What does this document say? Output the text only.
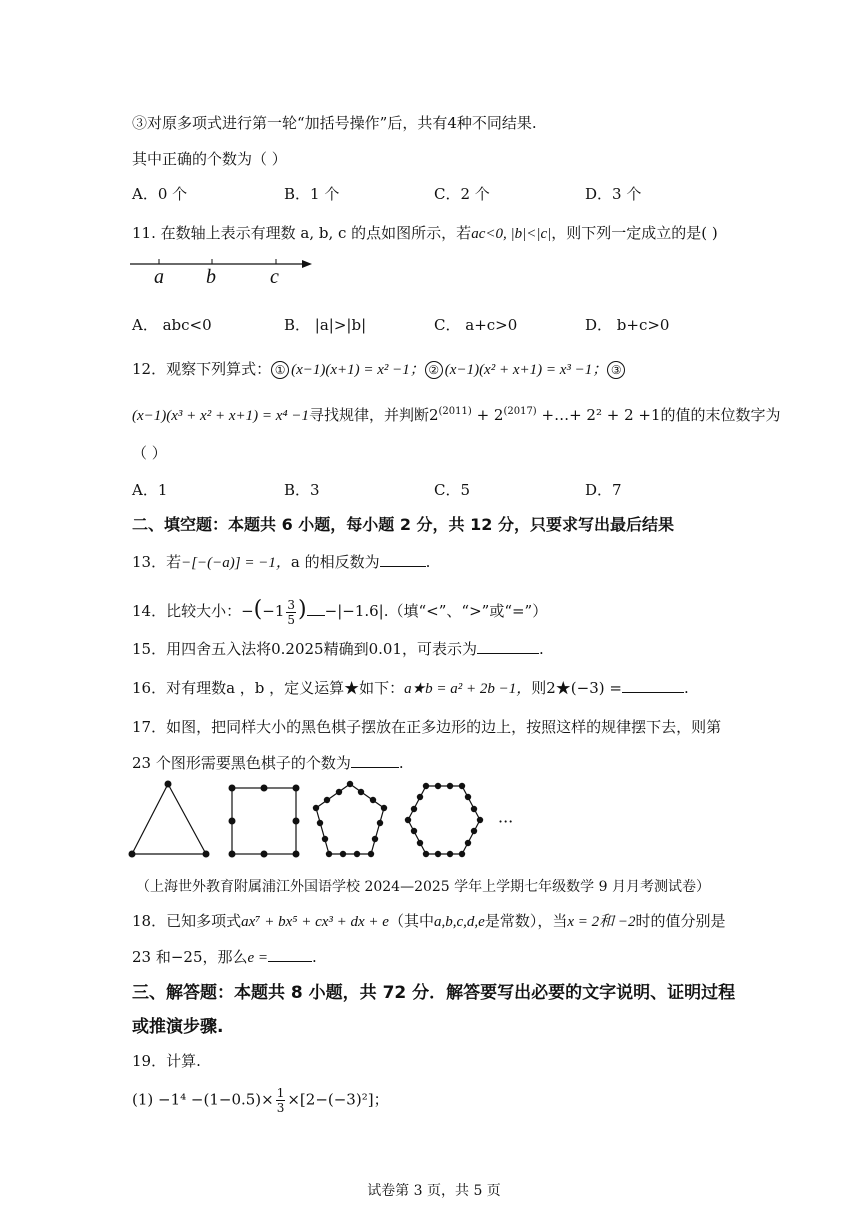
③对原多项式进行第一轮“加括号操作”后，共有4种不同结果.
其中正确的个数为（ ）
A．0 个	B．1 个	C．2 个	D．3 个
11. 在数轴上表示有理数 a, b, c 的点如图所示，若ac<0, |b|<|c|，则下列一定成立的是( )
a b	c
A． abc<0	B． |a|>|b|	C． a+c>0	D． b+c>0
12．观察下列算式： ① (x−1)(x+1) = x² −1； ② (x−1)(x² + x+1) = x³ −1； ③
(x−1)(x³ + x² + x+1) = x⁴ −1寻找规律，并判断$2^{(2011)} + 2^{(2017)}$ +…+ 2² + 2 +1的值的末位数字为
（ ）
A．1	B．3	C．5	D．7
二、填空题：本题共 6 小题，每小题 2 分，共 12 分，只要求写出最后结果
13．若−[−(−a)] = −1，a 的相反数为	.
14．比较大小：$-(-1 \frac{3}{5}$ ) −|−1.6|.（填“<”、“>”或“=”）
15．用四舍五入法将0.2025精确到0.01，可表示为	.
16．对有理数a ，b ，定义运算★如下：a★b = a² + 2b −1，则2★(−3) =	.
17．如图，把同样大小的黑色棋子摆放在正多边形的边上，按照这样的规律摆下去，则第
23 个图形需要黑色棋子的个数为	.
···
（上海世外教育附属浦江外国语学校 2024—2025 学年上学期七年级数学 9 月月考测试卷）
18．已知多项式ax⁷ + bx⁵ + cx³ + dx + e（其中a,b,c,d,e是常数），当x = 2和 −2时的值分别是
23 和−25，那么e =	.
三、解答题：本题共 8 小题，共 72 分．解答要写出必要的文字说明、证明过程
或推演步骤.
19．计算.
$(1) -1^4 -(1-0.5)\times \frac{1}{3} \times[2-(-3)^2]$；
试卷第 3 页，共 5 页
